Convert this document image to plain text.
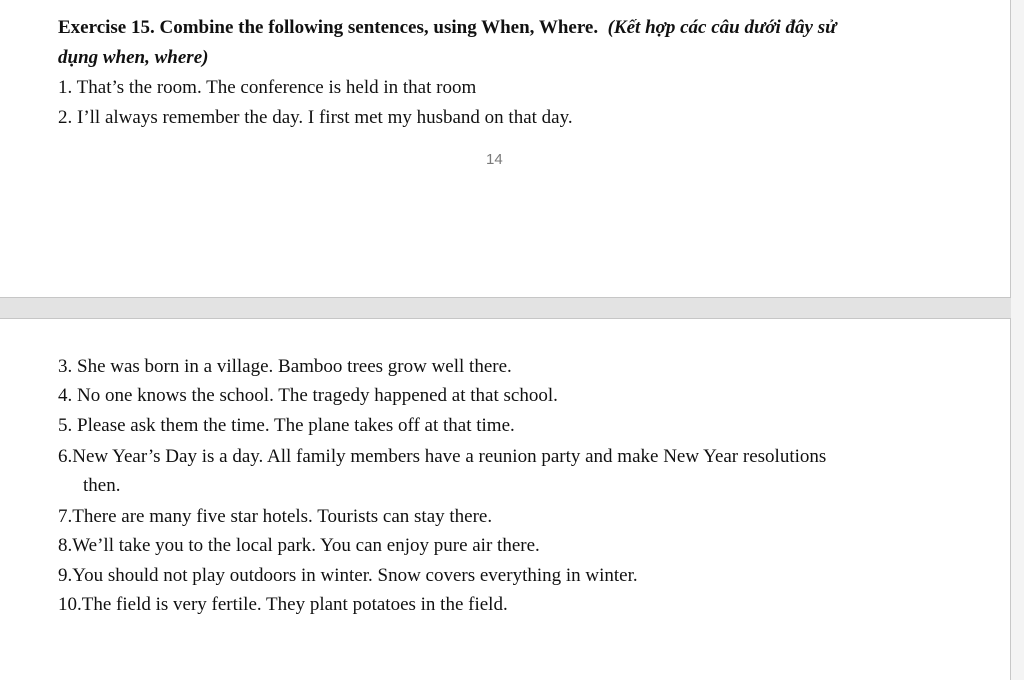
Exercise 15. Combine the following sentences, using When, Where. (Kết hợp các câu dưới đây sử
dụng when, where)
1. That’s the room. The conference is held in that room
2. I’ll always remember the day. I first met my husband on that day.
14
3. She was born in a village. Bamboo trees grow well there.
4. No one knows the school. The tragedy happened at that school.
5. Please ask them the time. The plane takes off at that time.
6.New Year’s Day is a day. All family members have a reunion party and make New Year resolutions
then.
7.There are many five star hotels. Tourists can stay there.
8.We’ll take you to the local park. You can enjoy pure air there.
9.You should not play outdoors in winter. Snow covers everything in winter.
10.The field is very fertile. They plant potatoes in the field.
